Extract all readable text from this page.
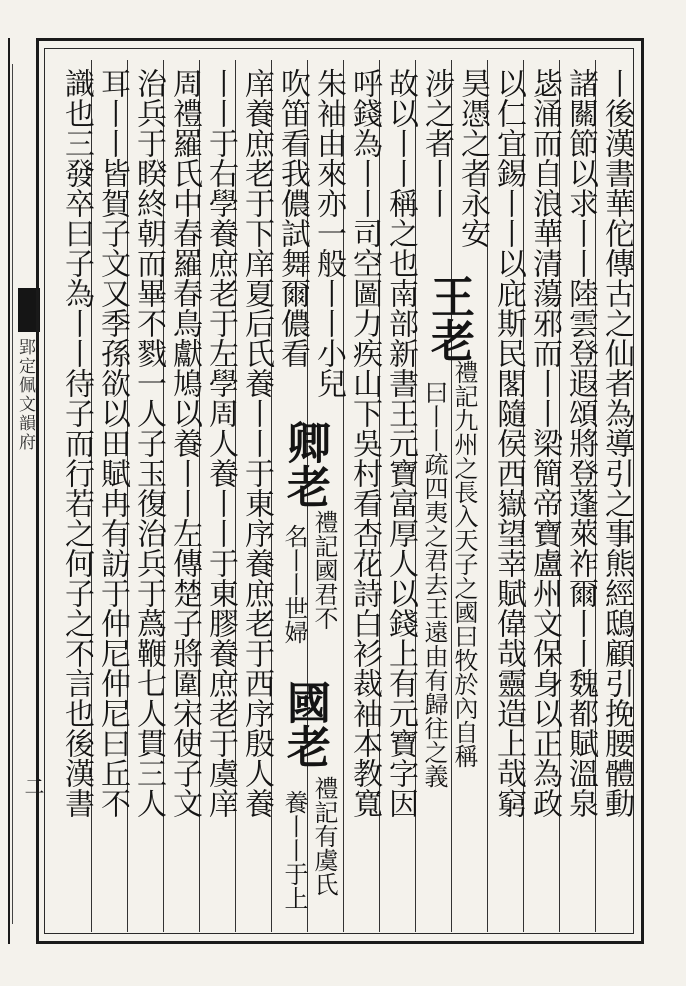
郢定佩文韻府
二	丨後漢書華佗傳古之仙者為導引之事熊經鴟顧引挽腰體動
諸關節以求丨丨陸雲登遐頌將登蓬萊祚爾丨丨魏都賦溫泉
毖涌而自浪華清蕩邪而丨丨梁簡帝寶盧州文保身以正為政
以仁宜錫丨丨以庇斯民閣隨侯西嶽望幸賦偉哉靈造上哉窮
昊憑之者永安
涉之者丨丨
王老
禮記九州之長入天子之國曰牧於內自稱
曰丨丨疏四夷之君去王遠由有歸往之義
故以丨丨稱之也南部新書王元寶富厚人以錢上有元寶字因
呼錢為丨丨司空圖力疾山下吳村看杏花詩白衫裁袖本教寬
朱袖由來亦一般丨丨小兒
吹笛看我儂試舞爾儂看
卿老
禮記國君不
名丨丨世婦
國老
禮記有虞氏
養丨丨于上
庠養庶老于下庠夏后氏養丨丨于東序養庶老于西序殷人養
丨丨于右學養庶老于左學周人養丨丨于東膠養庶老于虞庠
周禮羅氏中春羅春鳥獻鳩以養丨丨左傳楚子將圍宋使子文
治兵于睽終朝而畢不戮一人子玉復治兵于蔿鞭七人貫三人
耳丨丨皆賀子文又季孫欲以田賦冉有訪于仲尼仲尼曰丘不
識也三發卒曰子為丨丨待子而行若之何子之不言也後漢書
